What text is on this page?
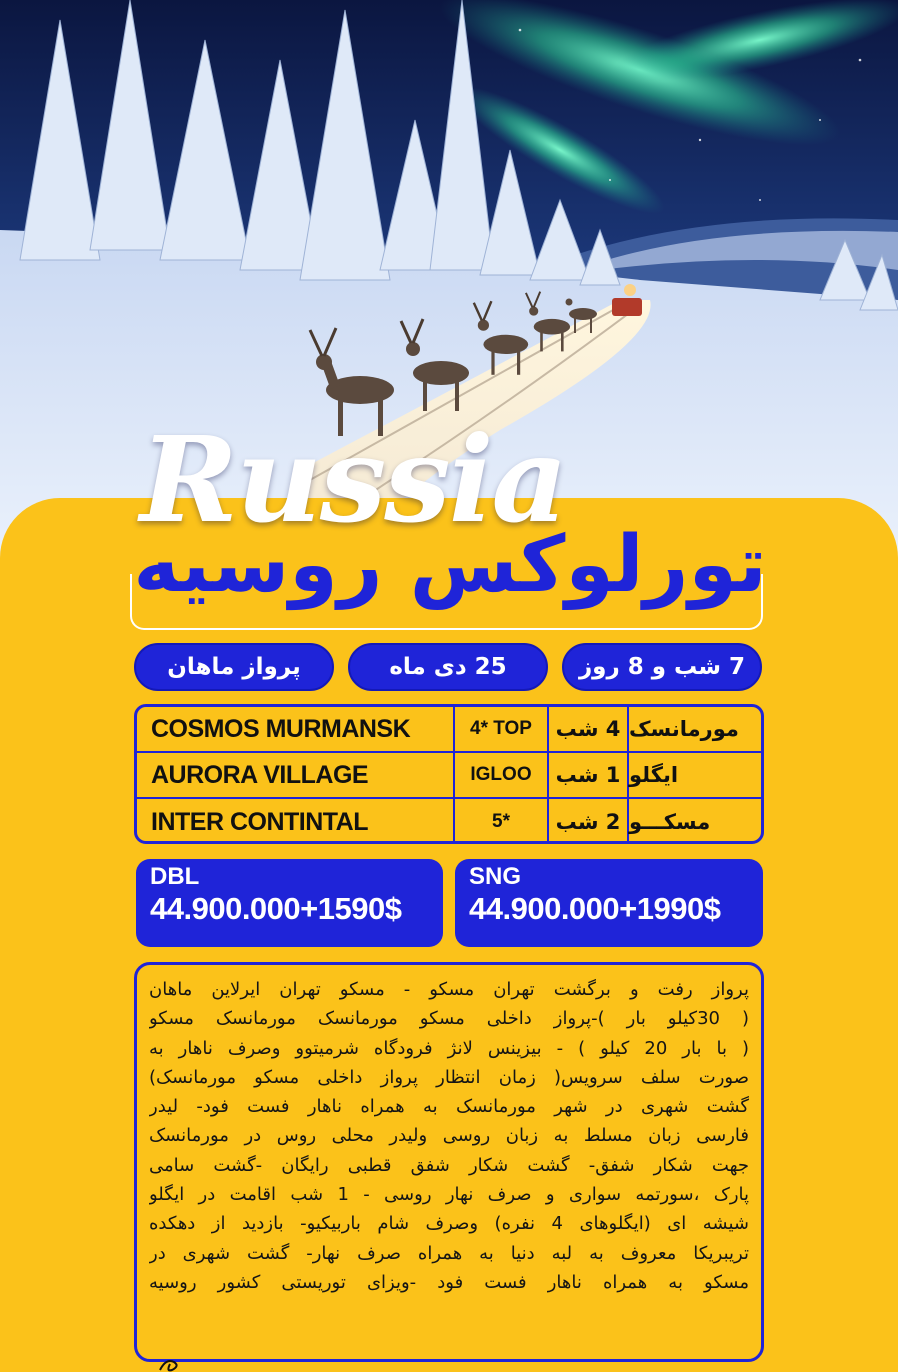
Russia
تورلوکس روسیه
7 شب و 8 روز
25 دی ماه
پرواز ماهان
COSMOS MURMANSK	4* TOP	4 شب مورمانسک
AURORA VILLAGE	IGLOO	1 شب ایگلو
INTER CONTINTAL	5*	2 شب مسکـــو
DBL
44.900.000+1590$
SNG
44.900.000+1990$
پرواز رفت و برگشت تهران مسکو - مسکو تهران ایرلاین ماهان
( 30کیلو بار )-پرواز داخلی مسکو مورمانسک مورمانسک مسکو
( با بار 20 کیلو ) - بیزینس لانژ فرودگاه شرمیتوو وصرف ناهار به
صورت سلف سرویس( زمان انتظار پرواز داخلی مسکو مورمانسک)
گشت شهری در شهر مورمانسک به همراه ناهار فست فود- لیدر
فارسی زبان مسلط به زبان روسی ولیدر محلی روس در مورمانسک
جهت شکار شفق- گشت شکار شفق قطبی رایگان -گشت سامی
پارک ،سورتمه سواری و صرف نهار روسی - 1 شب اقامت در ایگلو
شیشه ای (ایگلوهای 4 نفره) وصرف شام باربیکیو- بازدید از دهکده
تریبریکا معروف به لبه دنیا به همراه صرف نهار- گشت شهری در
مسکو به همراه ناهار فست فود -ویزای توریستی کشور روسیه
